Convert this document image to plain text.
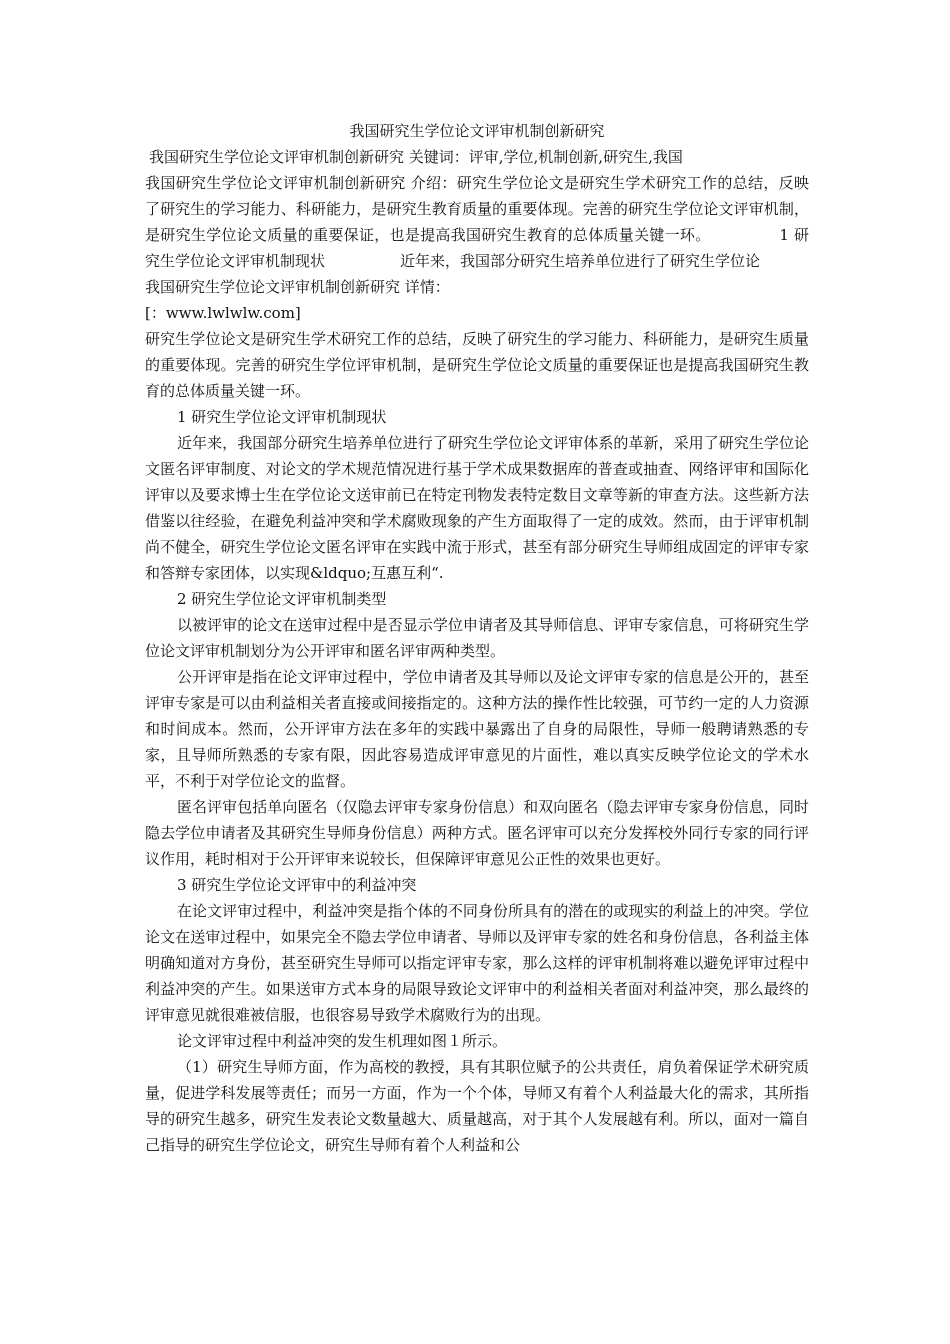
我国研究生学位论文评审机制创新研究

我国研究生学位论文评审机制创新研究 关键词：评审,学位,机制创新,研究生,我国

我国研究生学位论文评审机制创新研究 介绍：研究生学位论文是研究生学术研究工作的总结，反映了研究生的学习能力、科研能力，是研究生教育质量的重要体现。完善的研究生学位论文评审机制，是研究生学位论文质量的重要保证，也是提高我国研究生教育的总体质量关键一环。　　　　　1 研究生学位论文评审机制现状　　　　　近年来，我国部分研究生培养单位进行了研究生学位论

我国研究生学位论文评审机制创新研究 详情：

[：www.lwlwlw.com]

研究生学位论文是研究生学术研究工作的总结，反映了研究生的学习能力、科研能力，是研究生质量的重要体现。完善的研究生学位评审机制，是研究生学位论文质量的重要保证也是提高我国研究生教育的总体质量关键一环。

1 研究生学位论文评审机制现状

近年来，我国部分研究生培养单位进行了研究生学位论文评审体系的革新，采用了研究生学位论文匿名评审制度、对论文的学术规范情况进行基于学术成果数据库的普查或抽查、网络评审和国际化评审以及要求博士生在学位论文送审前已在特定刊物发表特定数目文章等新的审查方法。这些新方法借鉴以往经验，在避免利益冲突和学术腐败现象的产生方面取得了一定的成效。然而，由于评审机制尚不健全，研究生学位论文匿名评审在实践中流于形式，甚至有部分研究生导师组成固定的评审专家和答辩专家团体，以实现&ldquo;互惠互利“.

2 研究生学位论文评审机制类型

以被评审的论文在送审过程中是否显示学位申请者及其导师信息、评审专家信息，可将研究生学位论文评审机制划分为公开评审和匿名评审两种类型。

公开评审是指在论文评审过程中，学位申请者及其导师以及论文评审专家的信息是公开的，甚至评审专家是可以由利益相关者直接或间接指定的。这种方法的操作性比较强，可节约一定的人力资源和时间成本。然而，公开评审方法在多年的实践中暴露出了自身的局限性，导师一般聘请熟悉的专家，且导师所熟悉的专家有限，因此容易造成评审意见的片面性，难以真实反映学位论文的学术水平，不利于对学位论文的监督。

匿名评审包括单向匿名（仅隐去评审专家身份信息）和双向匿名（隐去评审专家身份信息，同时隐去学位申请者及其研究生导师身份信息）两种方式。匿名评审可以充分发挥校外同行专家的同行评议作用，耗时相对于公开评审来说较长，但保障评审意见公正性的效果也更好。

3 研究生学位论文评审中的利益冲突

在论文评审过程中，利益冲突是指个体的不同身份所具有的潜在的或现实的利益上的冲突。学位论文在送审过程中，如果完全不隐去学位申请者、导师以及评审专家的姓名和身份信息，各利益主体明确知道对方身份，甚至研究生导师可以指定评审专家，那么这样的评审机制将难以避免评审过程中利益冲突的产生。如果送审方式本身的局限导致论文评审中的利益相关者面对利益冲突，那么最终的评审意见就很难被信服，也很容易导致学术腐败行为的出现。

论文评审过程中利益冲突的发生机理如图１所示。

（1）研究生导师方面，作为高校的教授，具有其职位赋予的公共责任，肩负着保证学术研究质量，促进学科发展等责任；而另一方面，作为一个个体，导师又有着个人利益最大化的需求，其所指导的研究生越多，研究生发表论文数量越大、质量越高，对于其个人发展越有利。所以，面对一篇自己指导的研究生学位论文，研究生导师有着个人利益和公
